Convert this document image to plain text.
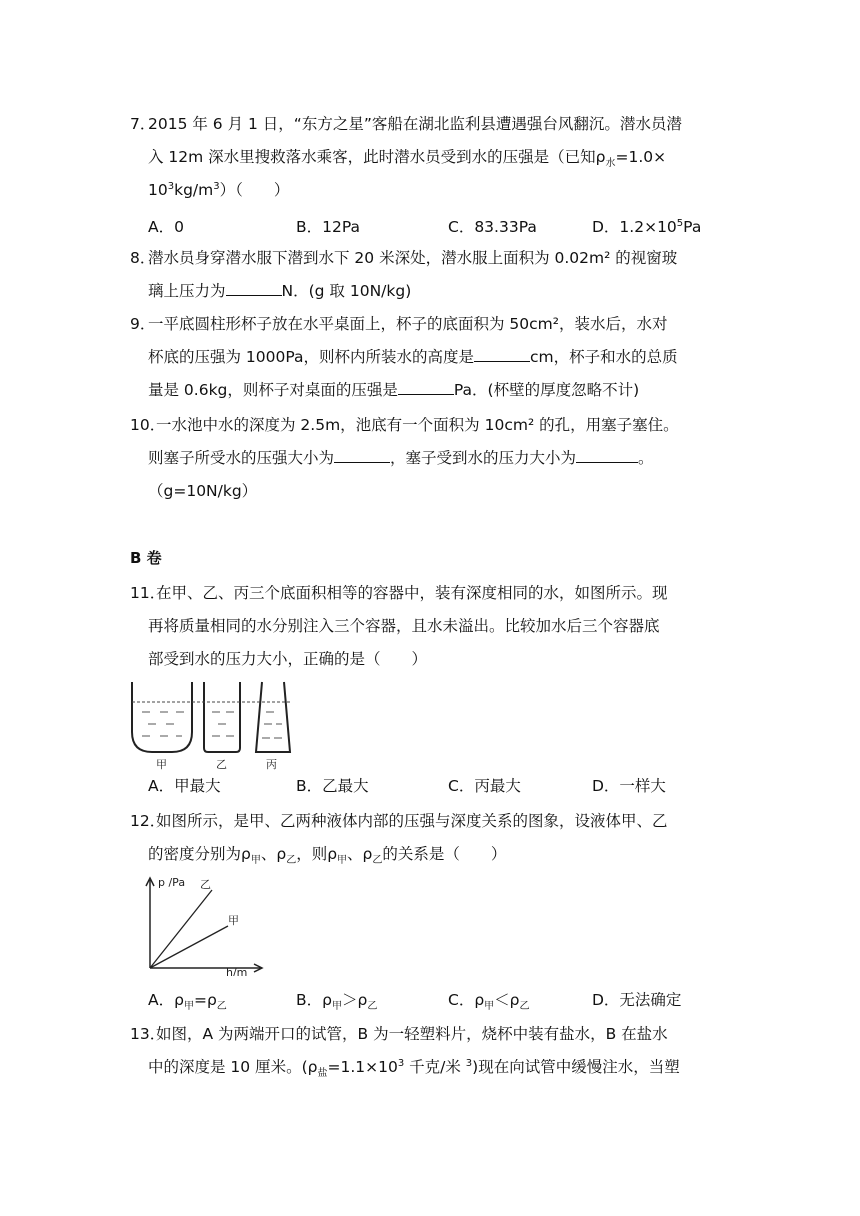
7．
2015 年 6 月 1 日，“东方之星”客船在湖北监利县遭遇强台风翻沉。潜水员潜
入 12m 深水里搜救落水乘客，此时潜水员受到水的压强是（已知$\rho_水=1.0\times$
$10^3kg/m^3$）（　　）
A．0	B．12Pa	C．83.33Pa	D．$1.2\times 10^5Pa$
8．
潜水员身穿潜水服下潜到水下 20 米深处，潜水服上面积为 0.02m² 的视窗玻
璃上压力为	N．(g 取 10N/kg)
9．
一平底圆柱形杯子放在水平桌面上，杯子的底面积为 50cm²，装水后，水对
杯底的压强为 1000Pa，则杯内所装水的高度是	cm，杯子和水的总质
量是 0.6kg，则杯子对桌面的压强是	Pa．(杯壁的厚度忽略不计)
10．
一水池中水的深度为 2.5m，池底有一个面积为 10cm² 的孔，用塞子塞住。
则塞子所受水的压强大小为	，塞子受到水的压力大小为	。
（g=10N/kg）
B 卷
11．
在甲、乙、丙三个底面积相等的容器中，装有深度相同的水，如图所示。现
再将质量相同的水分别注入三个容器，且水未溢出。比较加水后三个容器底
部受到水的压力大小，正确的是（　　）
甲	乙	丙
A．甲最大	B．乙最大	C．丙最大	D．一样大
12．
如图所示，是甲、乙两种液体内部的压强与深度关系的图象，设液体甲、乙
的密度分别为$\rho_甲$、$\rho_乙$，则$\rho_甲$、$\rho_乙$的关系是（　　）
p /Pa
h/m
乙
甲
A．$\rho_甲=\rho_乙$	B．$\rho_甲>\rho_乙$	C．$\rho_甲<\rho_乙$	D．无法确定
13．
如图，A 为两端开口的试管，B 为一轻塑料片，烧杯中装有盐水，B 在盐水
中的深度是 10 厘米。($\rho_盐=1.1\times 10^3$ 千克/米 $^3$)现在向试管中缓慢注水，当塑
